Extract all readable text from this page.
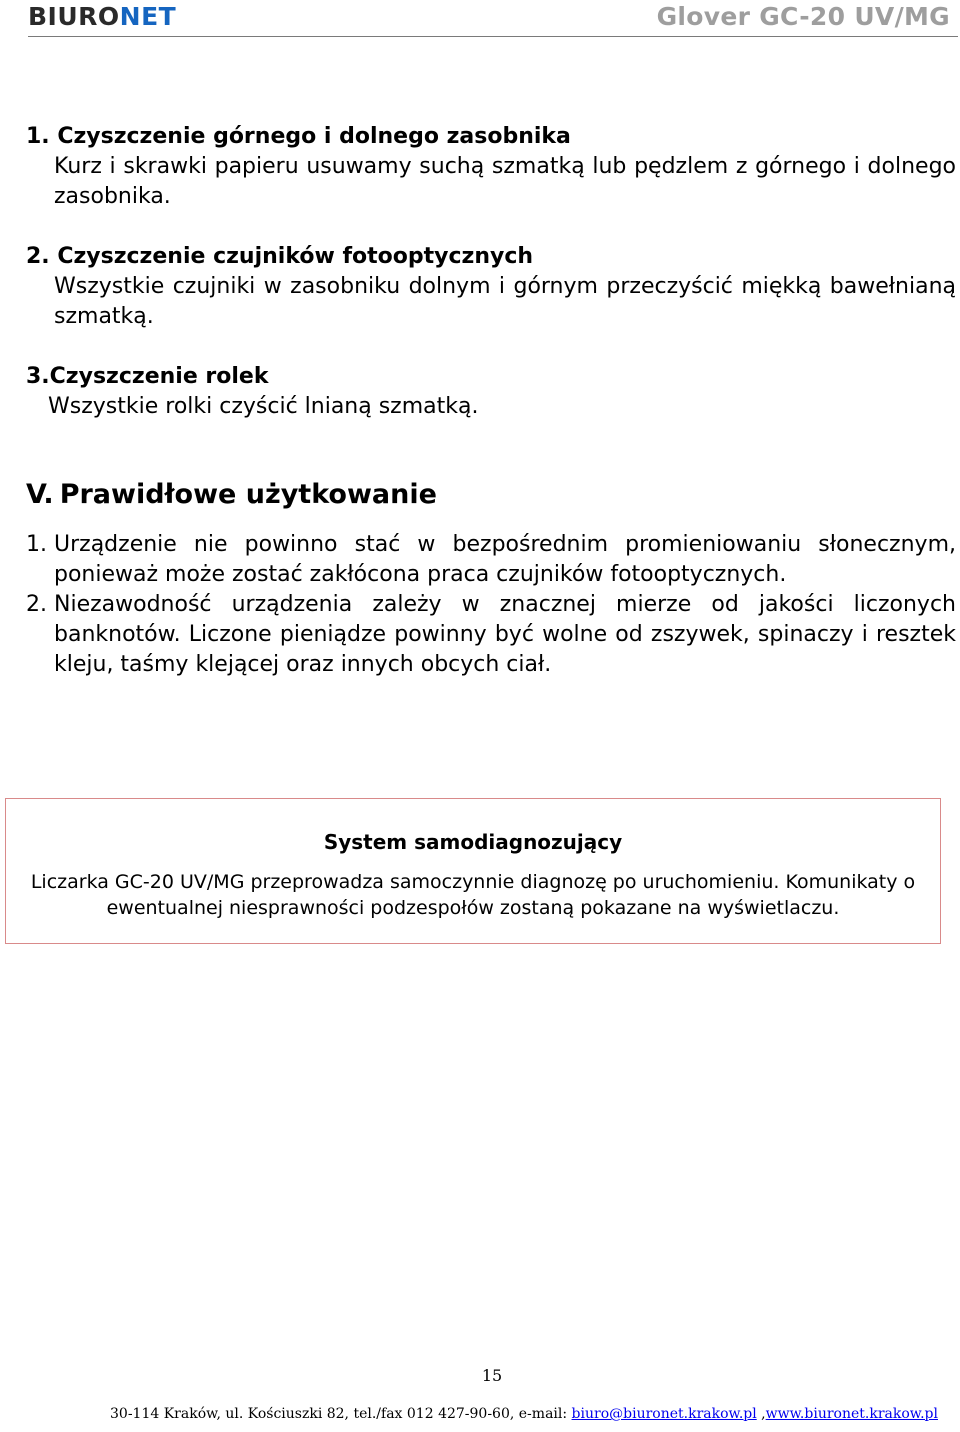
BIURONET	Glover GC-20 UV/MG

1. Czyszczenie górnego i dolnego zasobnika

Kurz i skrawki papieru usuwamy suchą szmatką lub pędzlem z górnego i dolnego zasobnika.

2. Czyszczenie czujników fotooptycznych

Wszystkie czujniki w zasobniku dolnym i górnym przeczyścić miękką bawełnianą szmatką.

3.Czyszczenie rolek

Wszystkie rolki czyścić lnianą szmatką.

V. Prawidłowe użytkowanie

1. Urządzenie nie powinno stać w bezpośrednim promieniowaniu słonecznym, ponieważ może zostać zakłócona praca czujników fotooptycznych.
2. Niezawodność urządzenia zależy w znacznej mierze od jakości liczonych banknotów. Liczone pieniądze powinny być wolne od zszywek, spinaczy i resztek kleju, taśmy klejącej oraz innych obcych ciał.
System samodiagnozujący
Liczarka GC-20 UV/MG przeprowadza samoczynnie diagnozę po uruchomieniu. Komunikaty o ewentualnej niesprawności podzespołów zostaną pokazane na wyświetlaczu.
15
30-114 Kraków, ul. Kościuszki 82, tel./fax 012 427-90-60, e-mail: biuro@biuronet.krakow.pl ,www.biuronet.krakow.pl
